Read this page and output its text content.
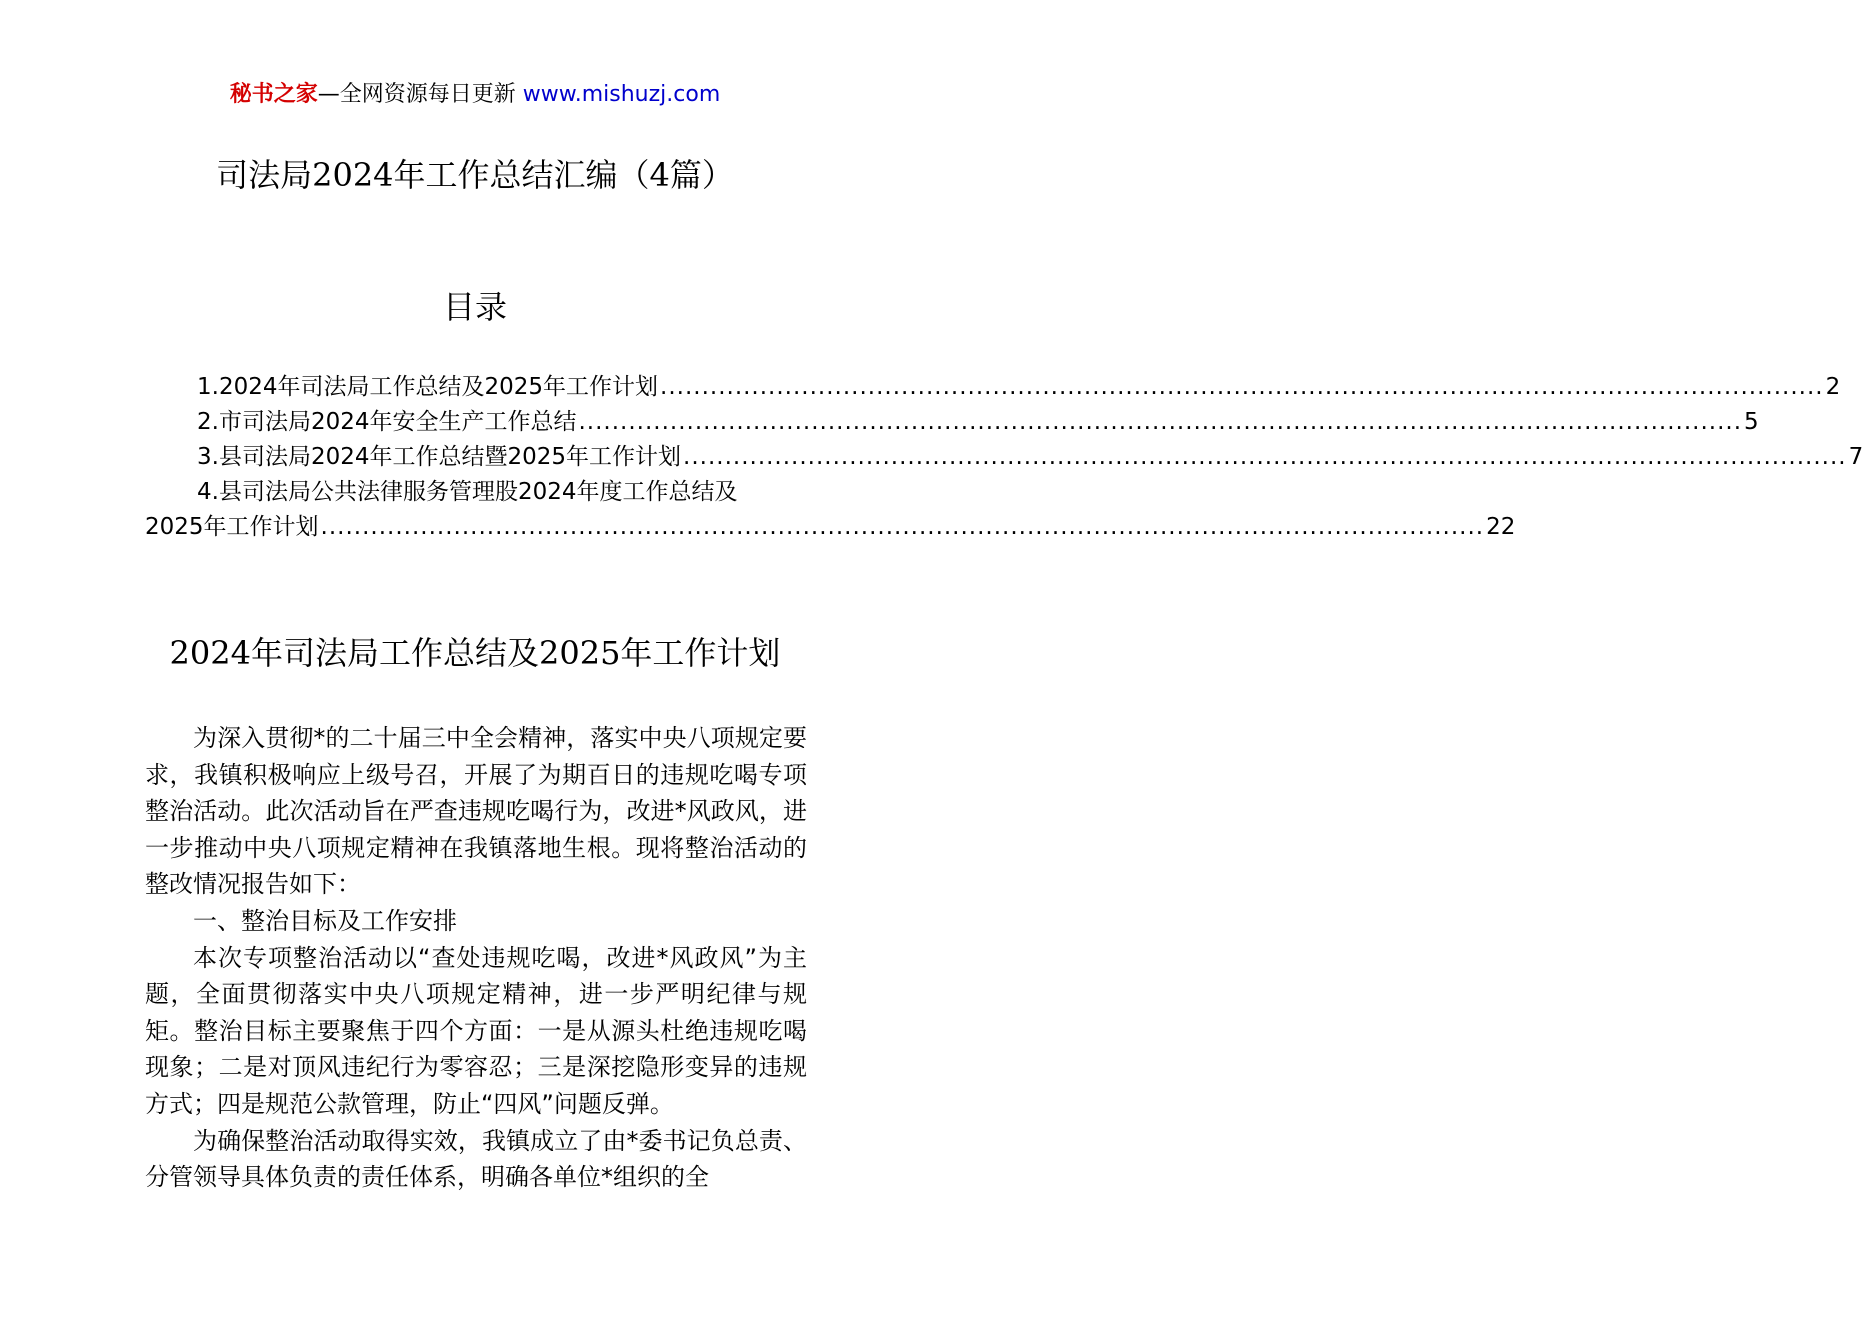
秘书之家—全网资源每日更新 www.mishuzj.com
司法局2024年工作总结汇编（4篇）
目录
1.2024年司法局工作总结及2025年工作计划 ............................................................................................................................................ 2
2.市司法局2024年安全生产工作总结 ............................................................................................................................................ 5
3.县司法局2024年工作总结暨2025年工作计划 ............................................................................................................................................ 7
4.县司法局公共法律服务管理股2024年度工作总结及
2025年工作计划 ............................................................................................................................................ 22
2024年司法局工作总结及2025年工作计划

为深入贯彻*的二十届三中全会精神，落实中央八项规定要求，我镇积极响应上级号召，开展了为期百日的违规吃喝专项整治活动。此次活动旨在严查违规吃喝行为，改进*风政风，进一步推动中央八项规定精神在我镇落地生根。现将整治活动的整改情况报告如下：

一、整治目标及工作安排

本次专项整治活动以“查处违规吃喝，改进*风政风”为主题，全面贯彻落实中央八项规定精神，进一步严明纪律与规矩。整治目标主要聚焦于四个方面：一是从源头杜绝违规吃喝现象；二是对顶风违纪行为零容忍；三是深挖隐形变异的违规方式；四是规范公款管理，防止“四风”问题反弹。

为确保整治活动取得实效，我镇成立了由*委书记负总责、分管领导具体负责的责任体系，明确各单位*组织的全
